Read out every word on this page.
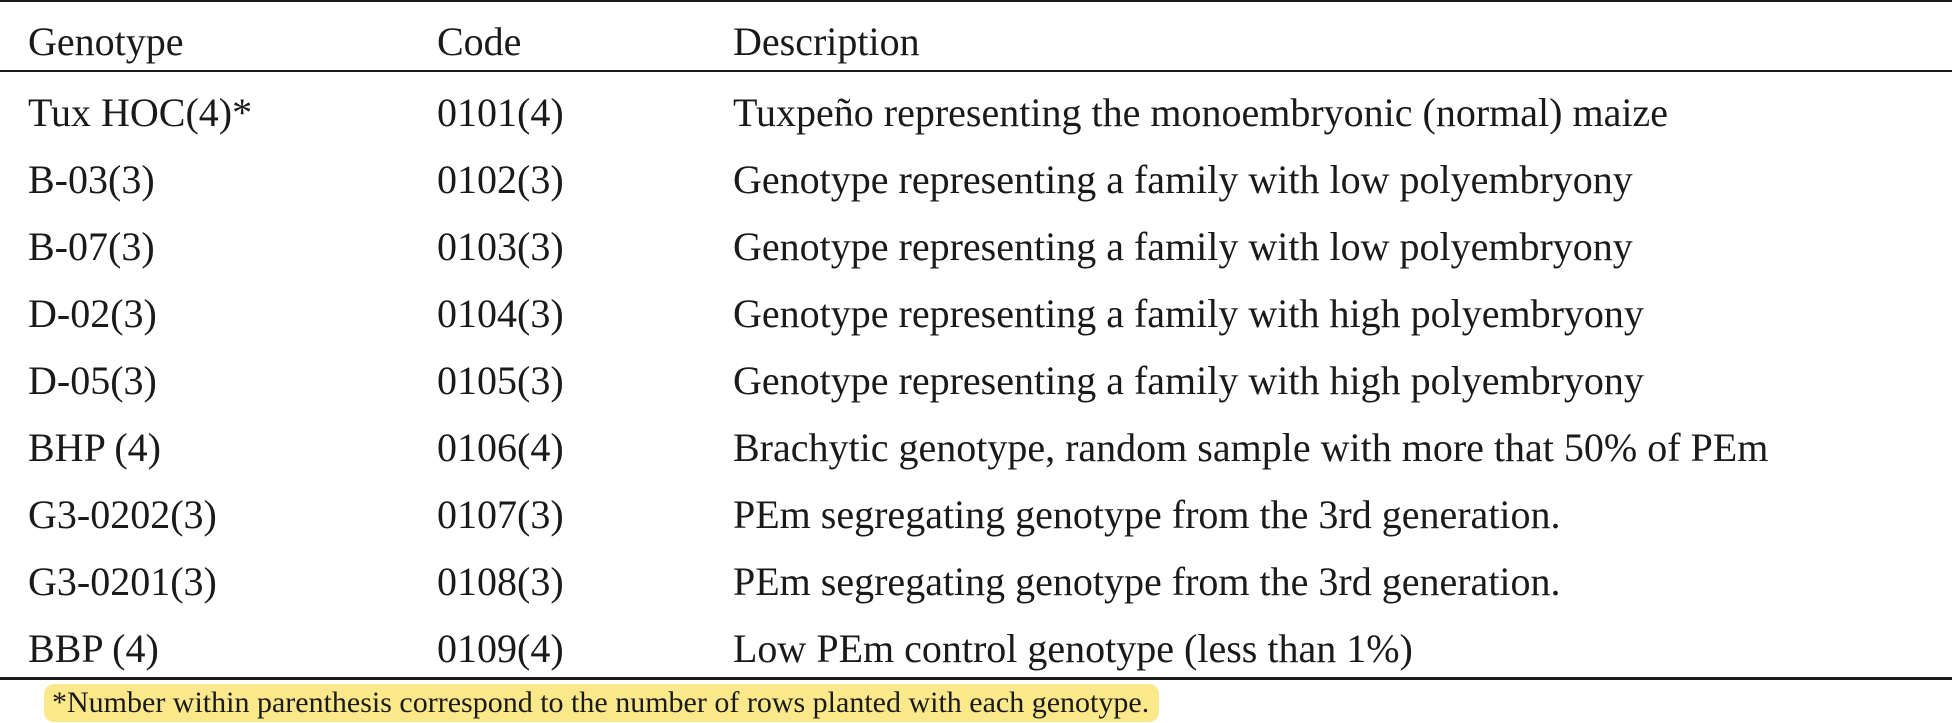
Genotype	Code	Description
Tux HOC(4)*	0101(4)	Tuxpeño representing the monoembryonic (normal) maize
B-03(3)	0102(3)	Genotype representing a family with low polyembryony
B-07(3)	0103(3)	Genotype representing a family with low polyembryony
D-02(3)	0104(3)	Genotype representing a family with high polyembryony
D-05(3)	0105(3)	Genotype representing a family with high polyembryony
BHP (4)	0106(4)	Brachytic genotype, random sample with more that 50% of PEm
G3-0202(3)	0107(3)	PEm segregating genotype from the 3rd generation.
G3-0201(3)	0108(3)	PEm segregating genotype from the 3rd generation.
BBP (4)	0109(4)	Low PEm control genotype (less than 1%)
*Number within parenthesis correspond to the number of rows planted with each genotype.
